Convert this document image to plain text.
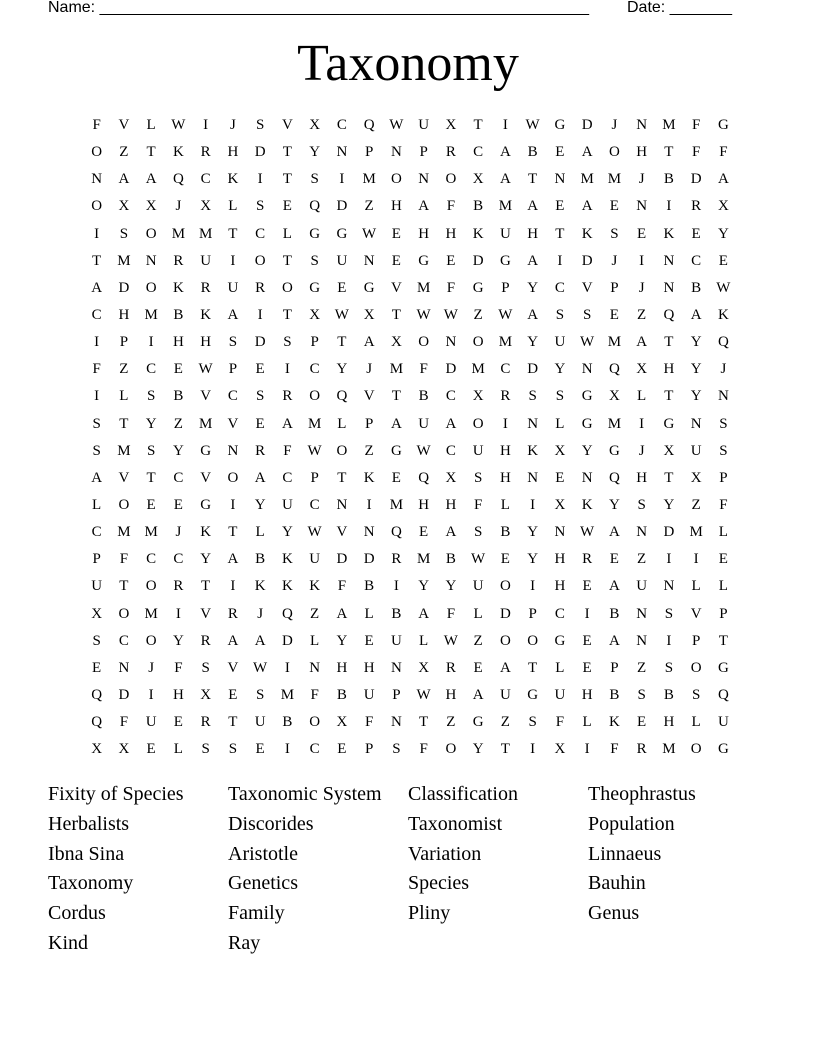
Name: _______________________________________________________ Date: _______
Taxonomy
F	V	L	W	I	J	S	V	X	C	Q W U	X	T	I	W G	D	J	N	M	F	G
O	Z	T	K	R	H	D	T	Y	N	P	N	P	R	C	A	B	E	A	O	H	T	F	F
N	A	A	Q	C	K	I	T	S	I	M	O	N	O	X	A	T	N	M M	J	B	D	A
O	X	X	J	X	L	S	E	Q	D	Z	H	A	F	B	M	A	E	A	E	N	I	R	X
I	S	O	M M	T	C	L	G	G W	E	H	H	K	U	H	T	K	S	E	K	E	Y
T	M	N	R	U	I	O	T	S	U	N	E	G	E	D	G	A	I	D	J	I	N	C	E
A	D	O	K	R	U	R	O	G	E	G	V	M	F	G	P	Y	C	V	P	J	N	B	W
C	H	M	B	K	A	I	T	X W X	T	W W	Z	W A	S	S	E	Z	Q	A	K
I	P	I	H	H	S	D	S	P	T	A	X	O	N	O	M	Y	U W M	A	T	Y	Q
F	Z	C	E	W	P	E	I	C	Y	J	M	F	D	M	C	D	Y	N	Q	X	H	Y	J
I	L	S	B	V	C	S	R	O	Q	V	T	B	C	X	R	S	S	G	X	L	T	Y	N
S	T	Y	Z	M	V	E	A	M	L	P	A	U	A	O	I	N	L	G	M	I	G	N	S
S	M	S	Y	G	N	R	F	W O	Z	G W	C	U	H	K	X	Y	G	J	X	U	S
A	V	T	C	V	O	A	C	P	T	K	E	Q	X	S	H	N	E	N	Q	H	T	X	P
L	O	E	E	G	I	Y	U	C	N	I	M	H	H	F	L	I	X	K	Y	S	Y	Z	F
C	M M	J	K	T	L	Y W V	N	Q	E	A	S	B	Y	N W A	N	D	M	L
P	F	C	C	Y	A	B	K	U	D	D	R	M	B	W	E	Y	H	R	E	Z	I	I	E
U	T	O	R	T	I	K	K	K	F	B	I	Y	Y	U	O	I	H	E	A	U	N	L	L
X	O	M	I	V	R	J	Q	Z	A	L	B	A	F	L	D	P	C	I	B	N	S	V	P
S	C	O	Y	R	A	A	D	L	Y	E	U	L	W	Z	O	O	G	E	A	N	I	P	T
E	N	J	F	S	V W	I	N	H	H	N	X	R	E	A	T	L	E	P	Z	S	O	G
Q	D	I	H	X	E	S	M	F	B	U	P	W H	A	U	G	U	H	B	S	B	S	Q
Q	F	U	E	R	T	U	B	O	X	F	N	T	Z	G	Z	S	F	L	K	E	H	L	U
X	X	E	L	S	S	E	I	C	E	P	S	F	O	Y	T	I	X	I	F	R	M	O	G
Fixity of Species	Taxonomic System	Classification	Theophrastus
Herbalists	Discorides	Taxonomist	Population
Ibna Sina	Aristotle	Variation	Linnaeus
Taxonomy	Genetics	Species	Bauhin
Cordus	Family	Pliny	Genus
Kind	Ray
